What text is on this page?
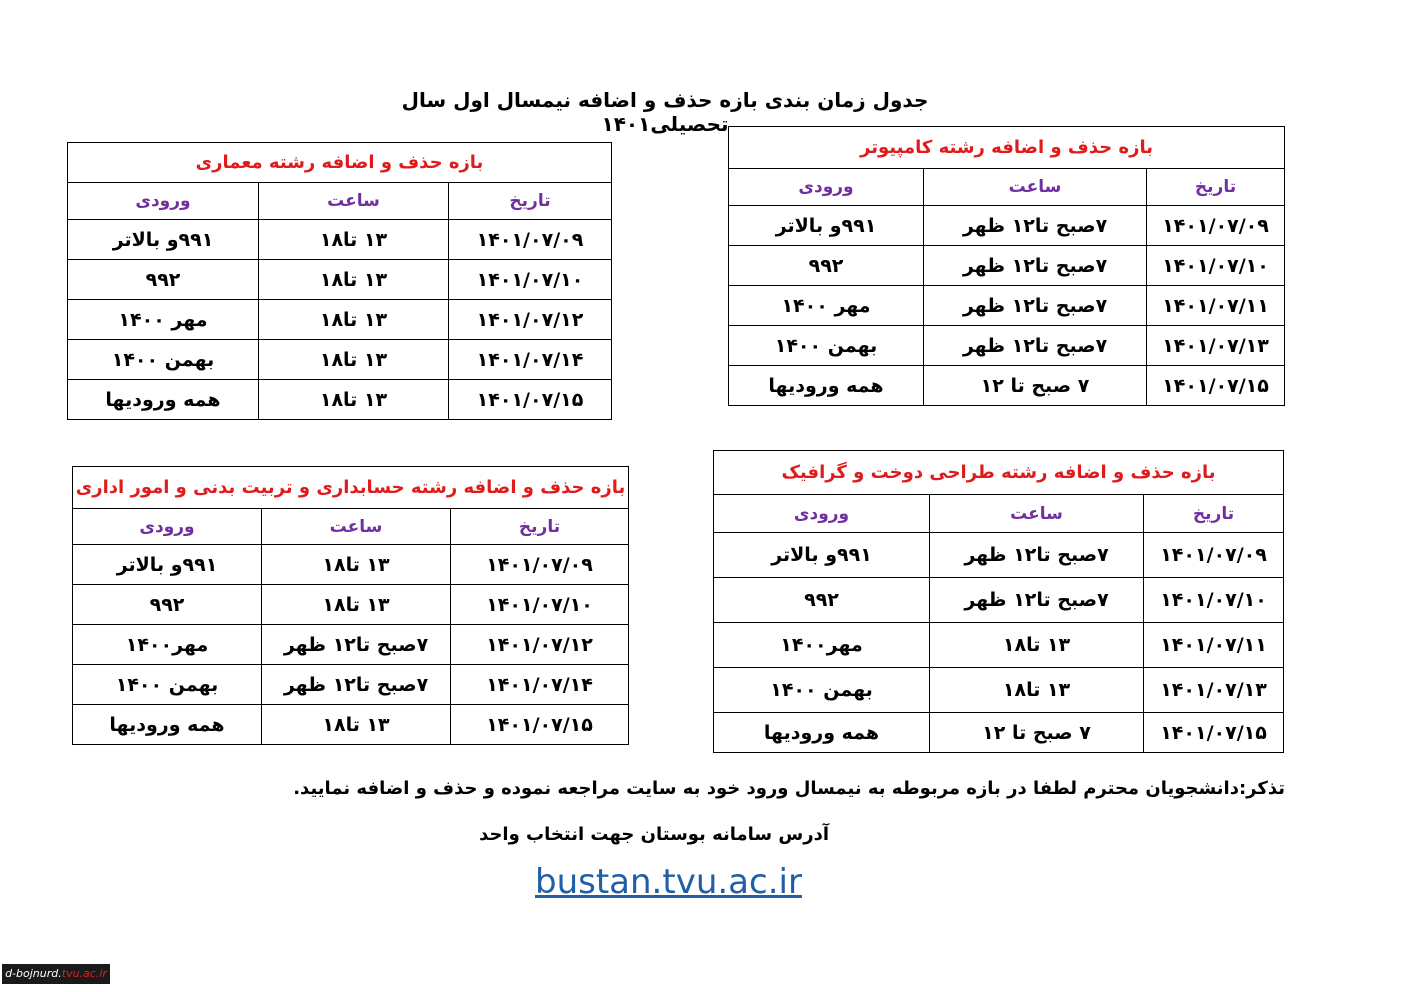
جدول زمان بندی بازه حذف و اضافه نیمسال اول سال تحصیلی۱۴۰۱
بازه حذف و اضافه رشته کامپیوتر		
تاریخ	ساعت	ورودی
۱۴۰۱/۰۷/۰۹	۷صبح تا۱۲ ظهر	۹۹۱و بالاتر
۱۴۰۱/۰۷/۱۰	۷صبح تا۱۲ ظهر	۹۹۲
۱۴۰۱/۰۷/۱۱	۷صبح تا۱۲ ظهر	مهر ۱۴۰۰
۱۴۰۱/۰۷/۱۳	۷صبح تا۱۲ ظهر	بهمن ۱۴۰۰
۱۴۰۱/۰۷/۱۵	۷ صبح تا ۱۲	همه ورودیها
بازه حذف و اضافه رشته معماری		
تاریخ	ساعت	ورودی
۱۴۰۱/۰۷/۰۹	۱۳ تا۱۸	۹۹۱و بالاتر
۱۴۰۱/۰۷/۱۰	۱۳ تا۱۸	۹۹۲
۱۴۰۱/۰۷/۱۲	۱۳ تا۱۸	مهر ۱۴۰۰
۱۴۰۱/۰۷/۱۴	۱۳ تا۱۸	بهمن ۱۴۰۰
۱۴۰۱/۰۷/۱۵	۱۳ تا۱۸	همه ورودیها
بازه حذف و اضافه رشته حسابداری و تربیت بدنی و امور اداری		
تاریخ	ساعت	ورودی
۱۴۰۱/۰۷/۰۹	۱۳ تا۱۸	۹۹۱و بالاتر
۱۴۰۱/۰۷/۱۰	۱۳ تا۱۸	۹۹۲
۱۴۰۱/۰۷/۱۲	۷صبح تا۱۲ ظهر	مهر۱۴۰۰
۱۴۰۱/۰۷/۱۴	۷صبح تا۱۲ ظهر	بهمن ۱۴۰۰
۱۴۰۱/۰۷/۱۵	۱۳ تا۱۸	همه ورودیها
بازه حذف و اضافه رشته طراحی دوخت و گرافیک		
تاریخ	ساعت	ورودی
۱۴۰۱/۰۷/۰۹	۷صبح تا۱۲ ظهر	۹۹۱و بالاتر
۱۴۰۱/۰۷/۱۰	۷صبح تا۱۲ ظهر	۹۹۲
۱۴۰۱/۰۷/۱۱	۱۳ تا۱۸	مهر۱۴۰۰
۱۴۰۱/۰۷/۱۳	۱۳ تا۱۸	بهمن ۱۴۰۰
۱۴۰۱/۰۷/۱۵	۷ صبح تا ۱۲	همه ورودیها
تذکر:دانشجویان محترم لطفا در بازه مربوطه به نیمسال ورود خود به سایت مراجعه نموده و حذف و اضافه نمایید.
آدرس سامانه بوستان جهت انتخاب واحد
bustan.tvu.ac.ir
d-bojnurd.tvu.ac.ir
